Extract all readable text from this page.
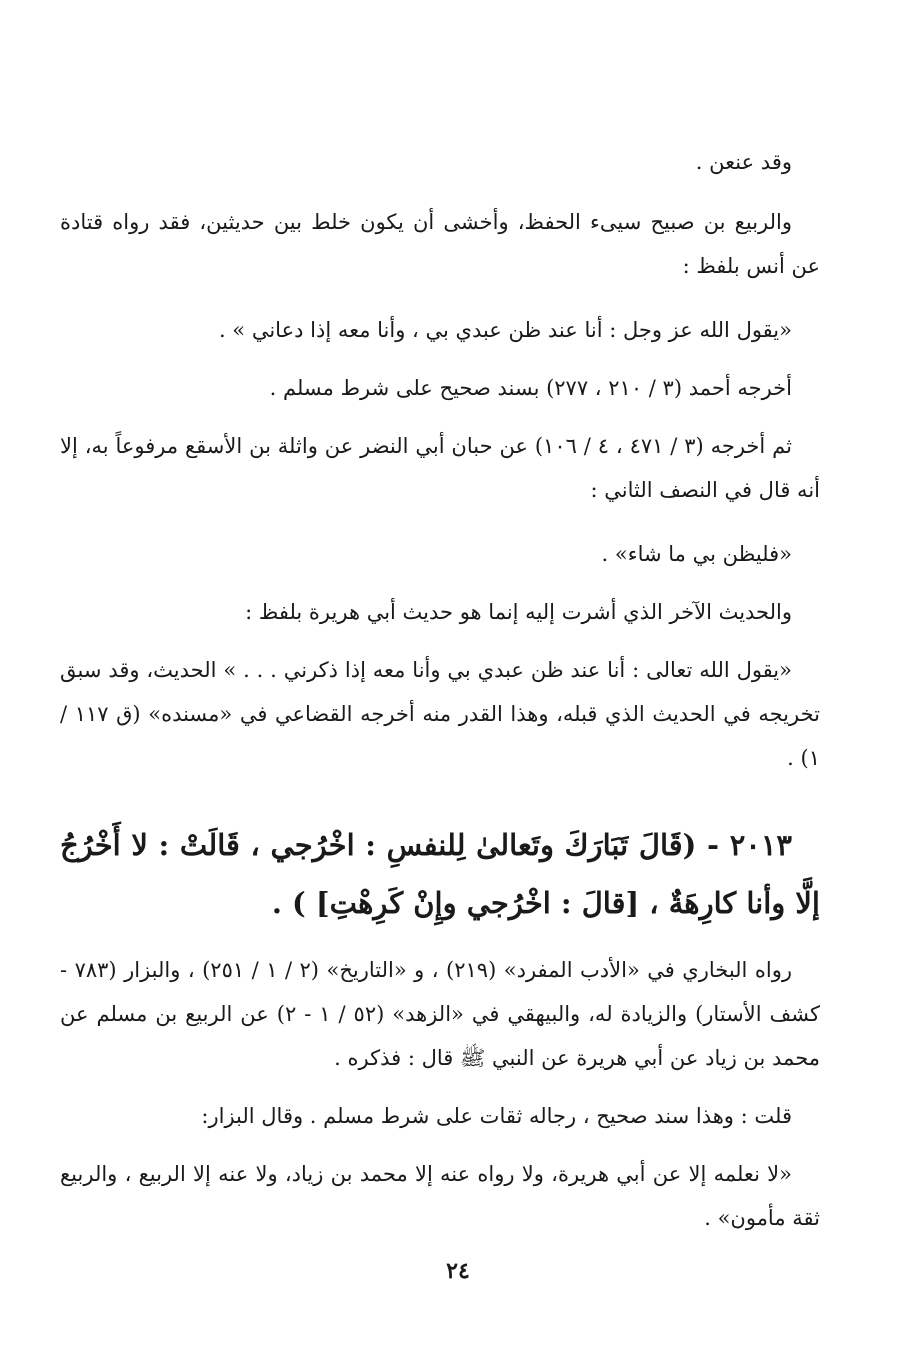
وقد عنعن .

والربيع بن صبيح سيىء الحفظ، وأخشى أن يكون خلط بين حديثين، فقد رواه قتادة عن أنس بلفظ :

«يقول الله عز وجل : أنا عند ظن عبدي بي ، وأنا معه إذا دعاني » .

أخرجه أحمد (٣ / ٢١٠ ، ٢٧٧) بسند صحيح على شرط مسلم .

ثم أخرجه (٣ / ٤٧١ ، ٤ / ١٠٦) عن حبان أبي النضر عن واثلة بن الأسقع مرفوعاً به، إلا أنه قال في النصف الثاني :

«فليظن بي ما شاء» .

والحديث الآخر الذي أشرت إليه إنما هو حديث أبي هريرة بلفظ :

«يقول الله تعالى : أنا عند ظن عبدي بي وأنا معه إذا ذكرني . . . » الحديث، وقد سبق تخريجه في الحديث الذي قبله، وهذا القدر منه أخرجه القضاعي في «مسنده» (ق ١١٧ / ١) .

٢٠١٣ - (قَالَ تَبَارَكَ وتَعالىٰ لِلنفسِ : اخْرُجي ، قَالَتْ : لا أَخْرُجُ إلَّا وأنا كارِهَةٌ ، [قالَ : اخْرُجي وإِنْ كَرِهْتِ] ) .

رواه البخاري في «الأدب المفرد» (٢١٩) ، و «التاريخ» (٢ / ١ / ٢٥١) ، والبزار (٧٨٣ - كشف الأستار) والزيادة له، والبيهقي في «الزهد» (٥٢ / ١ - ٢) عن الربيع بن مسلم عن محمد بن زياد عن أبي هريرة عن النبي ﷺ قال : فذكره .

قلت : وهذا سند صحيح ، رجاله ثقات على شرط مسلم . وقال البزار:

«لا نعلمه إلا عن أبي هريرة، ولا رواه عنه إلا محمد بن زياد، ولا عنه إلا الربيع ، والربيع ثقة مأمون» .

٢٤
